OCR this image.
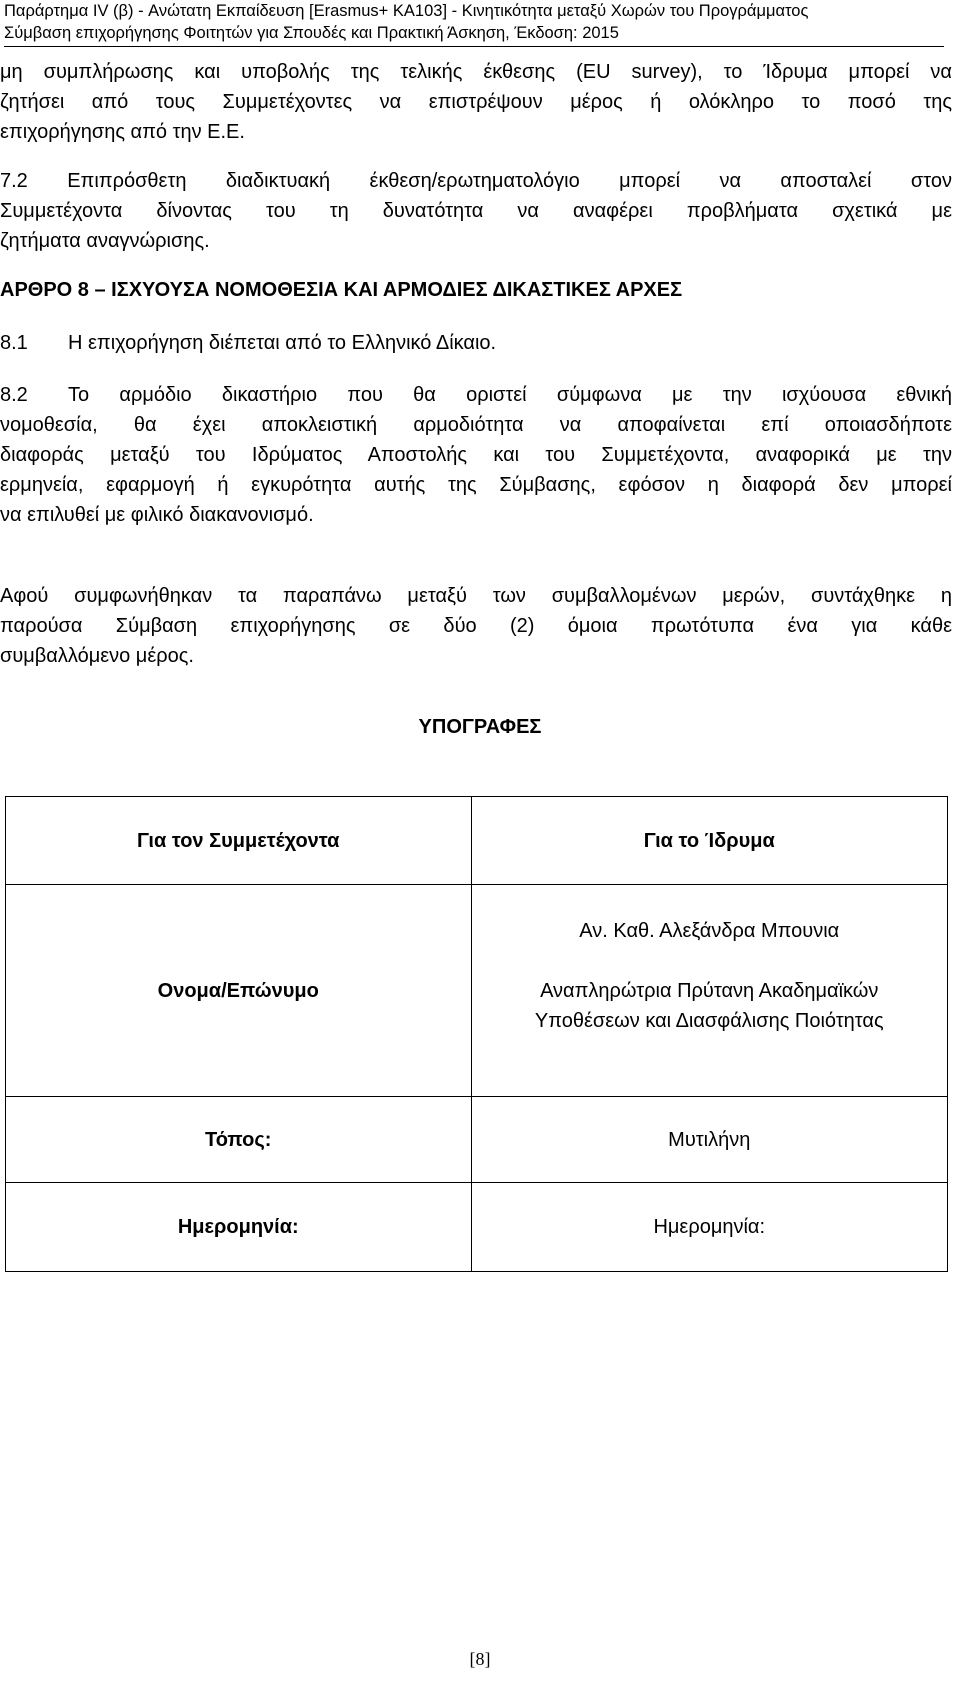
Παράρτημα IV (β) - Ανώτατη Εκπαίδευση [Erasmus+ KA103] - Κινητικότητα μεταξύ Χωρών του Προγράμματος
Σύμβαση επιχορήγησης Φοιτητών για Σπουδές και Πρακτική Άσκηση, Έκδοση: 2015
μη συμπλήρωσης και υποβολής της τελικής έκθεσης (EU survey), το Ίδρυμα μπορεί να
ζητήσει από τους Συμμετέχοντες να επιστρέψουν μέρος ή ολόκληρο το ποσό της
επιχορήγησης από την Ε.Ε.
7.2 Επιπρόσθετη διαδικτυακή έκθεση/ερωτηματολόγιο μπορεί να αποσταλεί στον
Συμμετέχοντα δίνοντας του τη δυνατότητα να αναφέρει προβλήματα σχετικά με
ζητήματα αναγνώρισης.
ΑΡΘΡΟ 8 – ΙΣΧΥΟΥΣΑ ΝΟΜΟΘΕΣΙΑ ΚΑΙ ΑΡΜΟΔΙΕΣ ΔΙΚΑΣΤΙΚΕΣ ΑΡΧΕΣ
8.1 Η επιχορήγηση διέπεται από το Ελληνικό Δίκαιο.
8.2 Το αρμόδιο δικαστήριο που θα οριστεί σύμφωνα με την ισχύουσα εθνική
νομοθεσία, θα έχει αποκλειστική αρμοδιότητα να αποφαίνεται επί οποιασδήποτε
διαφοράς μεταξύ του Ιδρύματος Αποστολής και του Συμμετέχοντα, αναφορικά με την
ερμηνεία, εφαρμογή ή εγκυρότητα αυτής της Σύμβασης, εφόσον η διαφορά δεν μπορεί
να επιλυθεί με φιλικό διακανονισμό.
Αφού συμφωνήθηκαν τα παραπάνω μεταξύ των συμβαλλομένων μερών, συντάχθηκε η
παρούσα Σύμβαση επιχορήγησης σε δύο (2) όμοια πρωτότυπα ένα για κάθε
συμβαλλόμενο μέρος.
ΥΠΟΓΡΑΦΕΣ
Για τον Συμμετέχοντα	Για το Ίδρυμα
Ονομα/Επώνυμο	Αν. Καθ. Αλεξάνδρα Μπουνια
Αναπληρώτρια Πρύτανη Ακαδημαϊκών
Υποθέσεων και Διασφάλισης Ποιότητας

Τόπος:	Μυτιλήνη
Ημερομηνία:	Ημερομηνία:
[8]
